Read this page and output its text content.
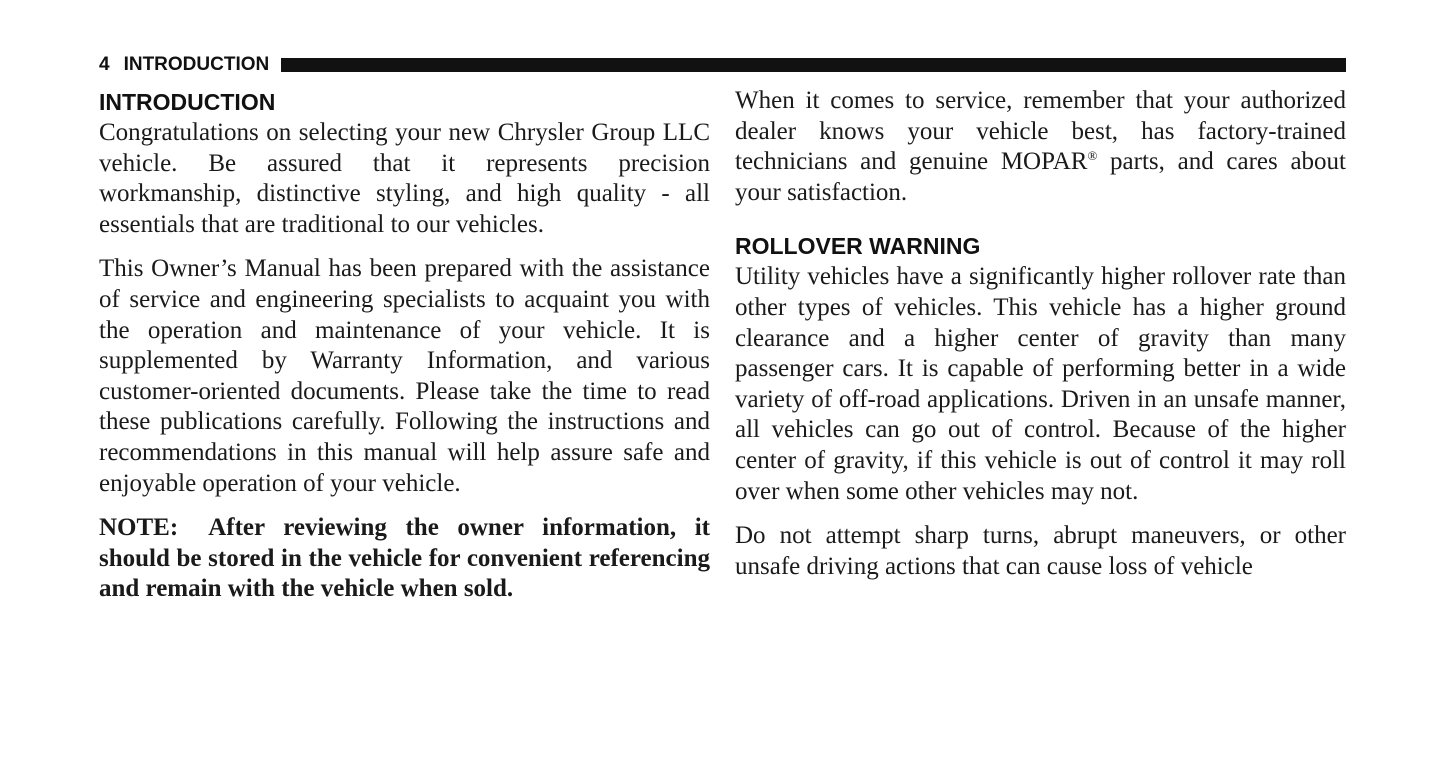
4 INTRODUCTION
INTRODUCTION

Congratulations on selecting your new Chrysler Group LLC vehicle. Be assured that it represents precision workmanship, distinctive styling, and high quality - all essentials that are traditional to our vehicles.

This Owner’s Manual has been prepared with the assistance of service and engineering specialists to acquaint you with the operation and maintenance of your vehicle. It is supplemented by Warranty Information, and various customer-oriented documents. Please take the time to read these publications carefully. Following the instructions and recommendations in this manual will help assure safe and enjoyable operation of your vehicle.

NOTE: After reviewing the owner information, it should be stored in the vehicle for convenient referencing and remain with the vehicle when sold.

When it comes to service, remember that your authorized dealer knows your vehicle best, has factory-trained technicians and genuine MOPAR® parts, and cares about your satisfaction.

ROLLOVER WARNING

Utility vehicles have a significantly higher rollover rate than other types of vehicles. This vehicle has a higher ground clearance and a higher center of gravity than many passenger cars. It is capable of performing better in a wide variety of off-road applications. Driven in an unsafe manner, all vehicles can go out of control. Because of the higher center of gravity, if this vehicle is out of control it may roll over when some other vehicles may not.

Do not attempt sharp turns, abrupt maneuvers, or other unsafe driving actions that can cause loss of vehicle
